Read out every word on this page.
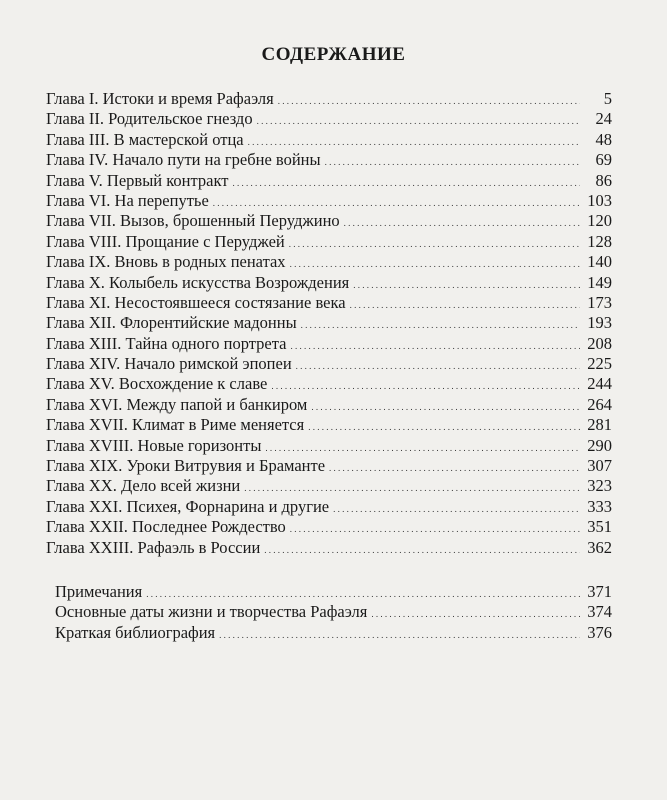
СОДЕРЖАНИЕ
Глава I. Истоки и время Рафаэля . . .	5
Глава II. Родительское гнездо . . .	24
Глава III. В мастерской отца . . .	48
Глава IV. Начало пути на гребне войны . . .	69
Глава V. Первый контракт . . .	86
Глава VI. На перепутье . . .	103
Глава VII. Вызов, брошенный Перуджино . . .	120
Глава VIII. Прощание с Перуджей . . .	128
Глава IX. Вновь в родных пенатах . . .	140
Глава X. Колыбель искусства Возрождения . . .	149
Глава XI. Несостоявшееся состязание века . . .	173
Глава XII. Флорентийские мадонны . . .	193
Глава XIII. Тайна одного портрета . . .	208
Глава XIV. Начало римской эпопеи . . .	225
Глава XV. Восхождение к славе . . .	244
Глава XVI. Между папой и банкиром . . .	264
Глава XVII. Климат в Риме меняется . . .	281
Глава XVIII. Новые горизонты . . .	290
Глава XIX. Уроки Витрувия и Браманте . . .	307
Глава XX. Дело всей жизни . . .	323
Глава XXI. Психея, Форнарина и другие . . .	333
Глава XXII. Последнее Рождество . . .	351
Глава XXIII. Рафаэль в России . . .	362
Примечания . . .	371
Основные даты жизни и творчества Рафаэля . . .	374
Краткая библиография . . .	376
